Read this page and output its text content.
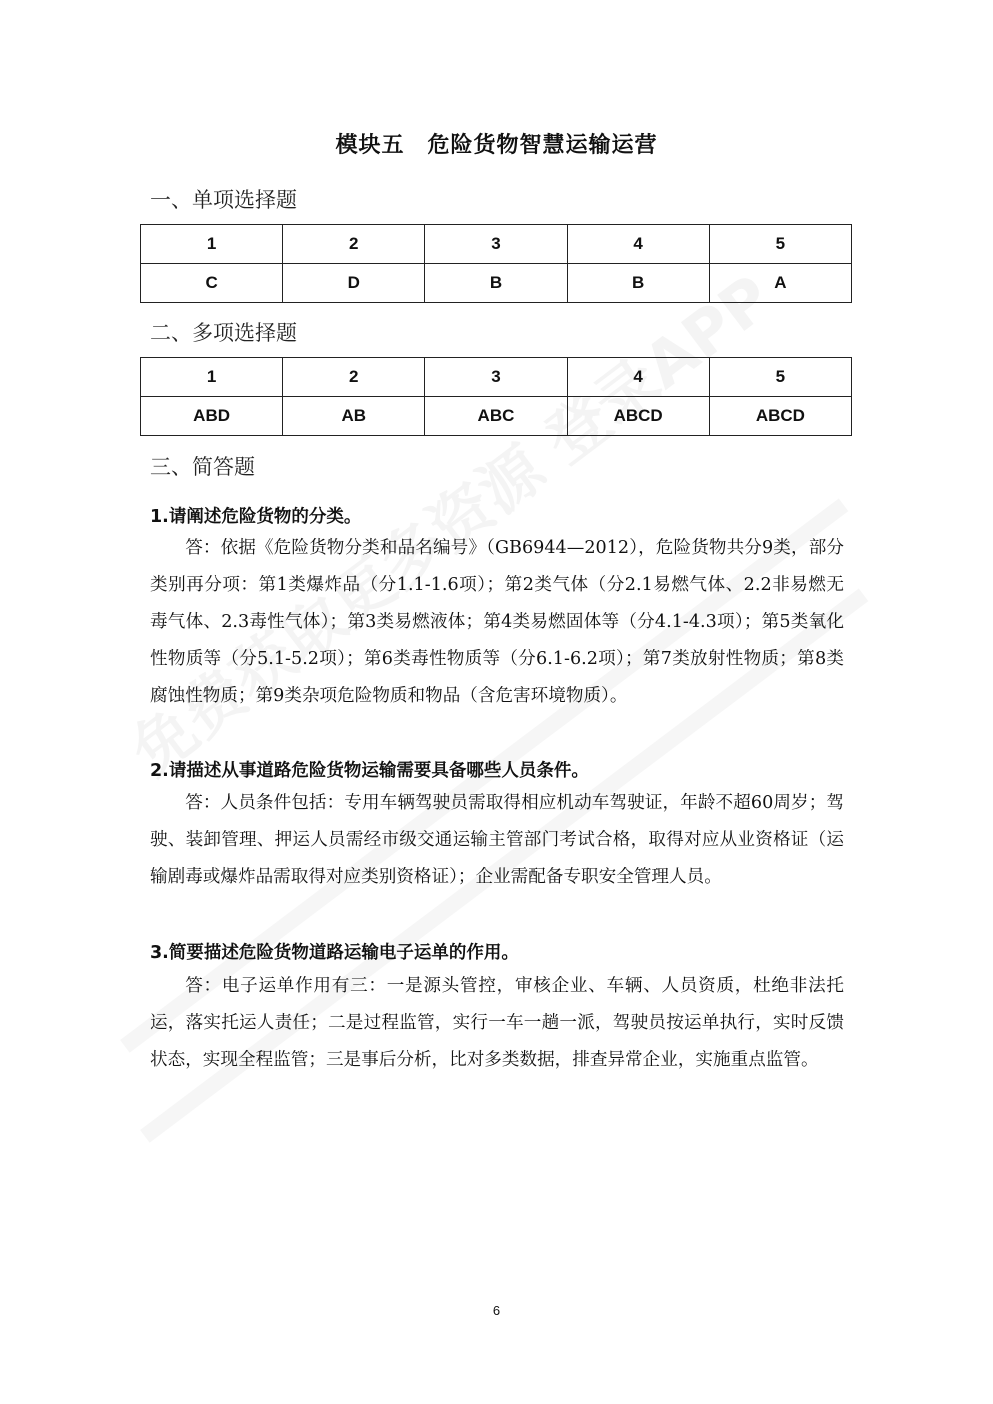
模块五　危险货物智慧运输运营
一、单项选择题
1	2	3	4	5
C	D	B	B	A
二、多项选择题
1	2	3	4	5
ABD	AB	ABC	ABCD	ABCD
三、简答题
1.请阐述危险货物的分类。

答：依据《危险货物分类和品名编号》（GB6944—2012），危险货物共分9类，部分类别再分项：第1类爆炸品（分1.1-1.6项）；第2类气体（分2.1易燃气体、2.2非易燃无毒气体、2.3毒性气体）；第3类易燃液体；第4类易燃固体等（分4.1-4.3项）；第5类氧化性物质等（分5.1-5.2项）；第6类毒性物质等（分6.1-6.2项）；第7类放射性物质；第8类腐蚀性物质；第9类杂项危险物质和物品（含危害环境物质）。

2.请描述从事道路危险货物运输需要具备哪些人员条件。

答：人员条件包括：专用车辆驾驶员需取得相应机动车驾驶证，年龄不超60周岁；驾驶、装卸管理、押运人员需经市级交通运输主管部门考试合格，取得对应从业资格证（运输剧毒或爆炸品需取得对应类别资格证）；企业需配备专职安全管理人员。

3.简要描述危险货物道路运输电子运单的作用。

答：电子运单作用有三：一是源头管控，审核企业、车辆、人员资质，杜绝非法托运，落实托运人责任；二是过程监管，实行一车一趟一派，驾驶员按运单执行，实时反馈状态，实现全程监管；三是事后分析，比对多类数据，排查异常企业，实施重点监管。

6
